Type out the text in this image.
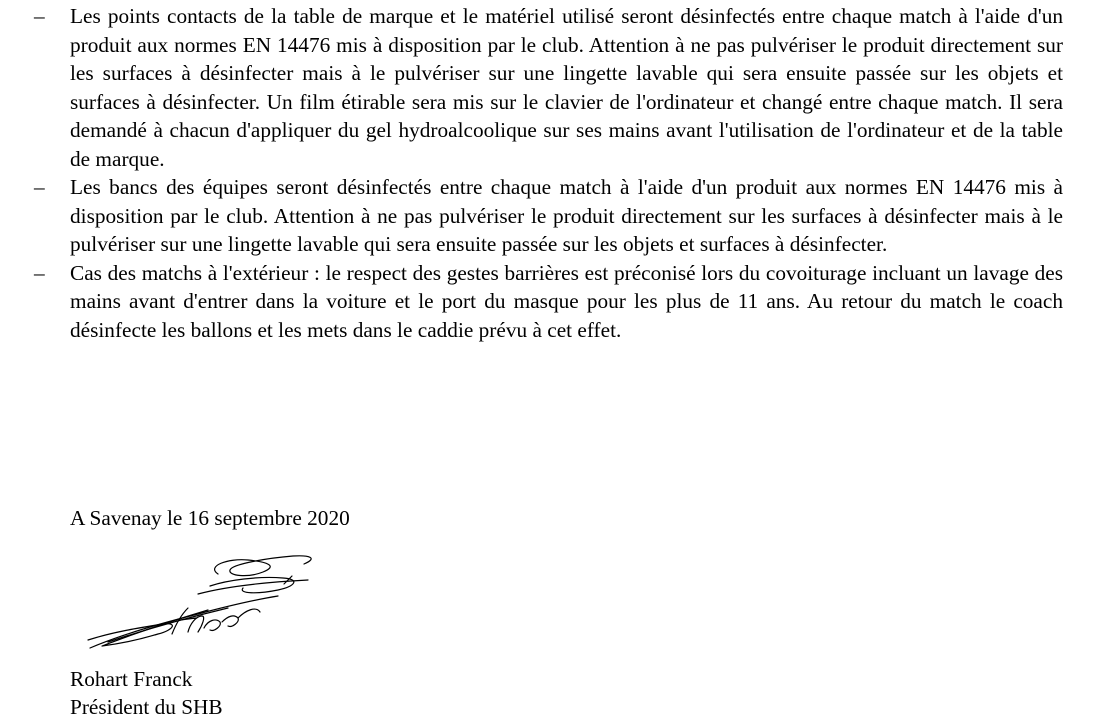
– Les points contacts de la table de marque et le matériel utilisé seront désinfectés entre chaque match à l'aide d'un produit aux normes EN 14476 mis à disposition par le club. Attention à ne pas pulvériser le produit directement sur les surfaces à désinfecter mais à le pulvériser sur une lingette lavable qui sera ensuite passée sur les objets et surfaces à désinfecter. Un film étirable sera mis sur le clavier de l'ordinateur et changé entre chaque match. Il sera demandé à chacun d'appliquer du gel hydroalcoolique sur ses mains avant l'utilisation de l'ordinateur et de la table de marque.
– Les bancs des équipes seront désinfectés entre chaque match à l'aide d'un produit aux normes EN 14476 mis à disposition par le club. Attention à ne pas pulvériser le produit directement sur les surfaces à désinfecter mais à le pulvériser sur une lingette lavable qui sera ensuite passée sur les objets et surfaces à désinfecter.
– Cas des matchs à l'extérieur : le respect des gestes barrières est préconisé lors du covoiturage incluant un lavage des mains avant d'entrer dans la voiture et le port du masque pour les plus de 11 ans. Au retour du match le coach désinfecte les ballons et les mets dans le caddie prévu à cet effet.
A Savenay le 16 septembre 2020
Rohart Franck
Président du SHB
